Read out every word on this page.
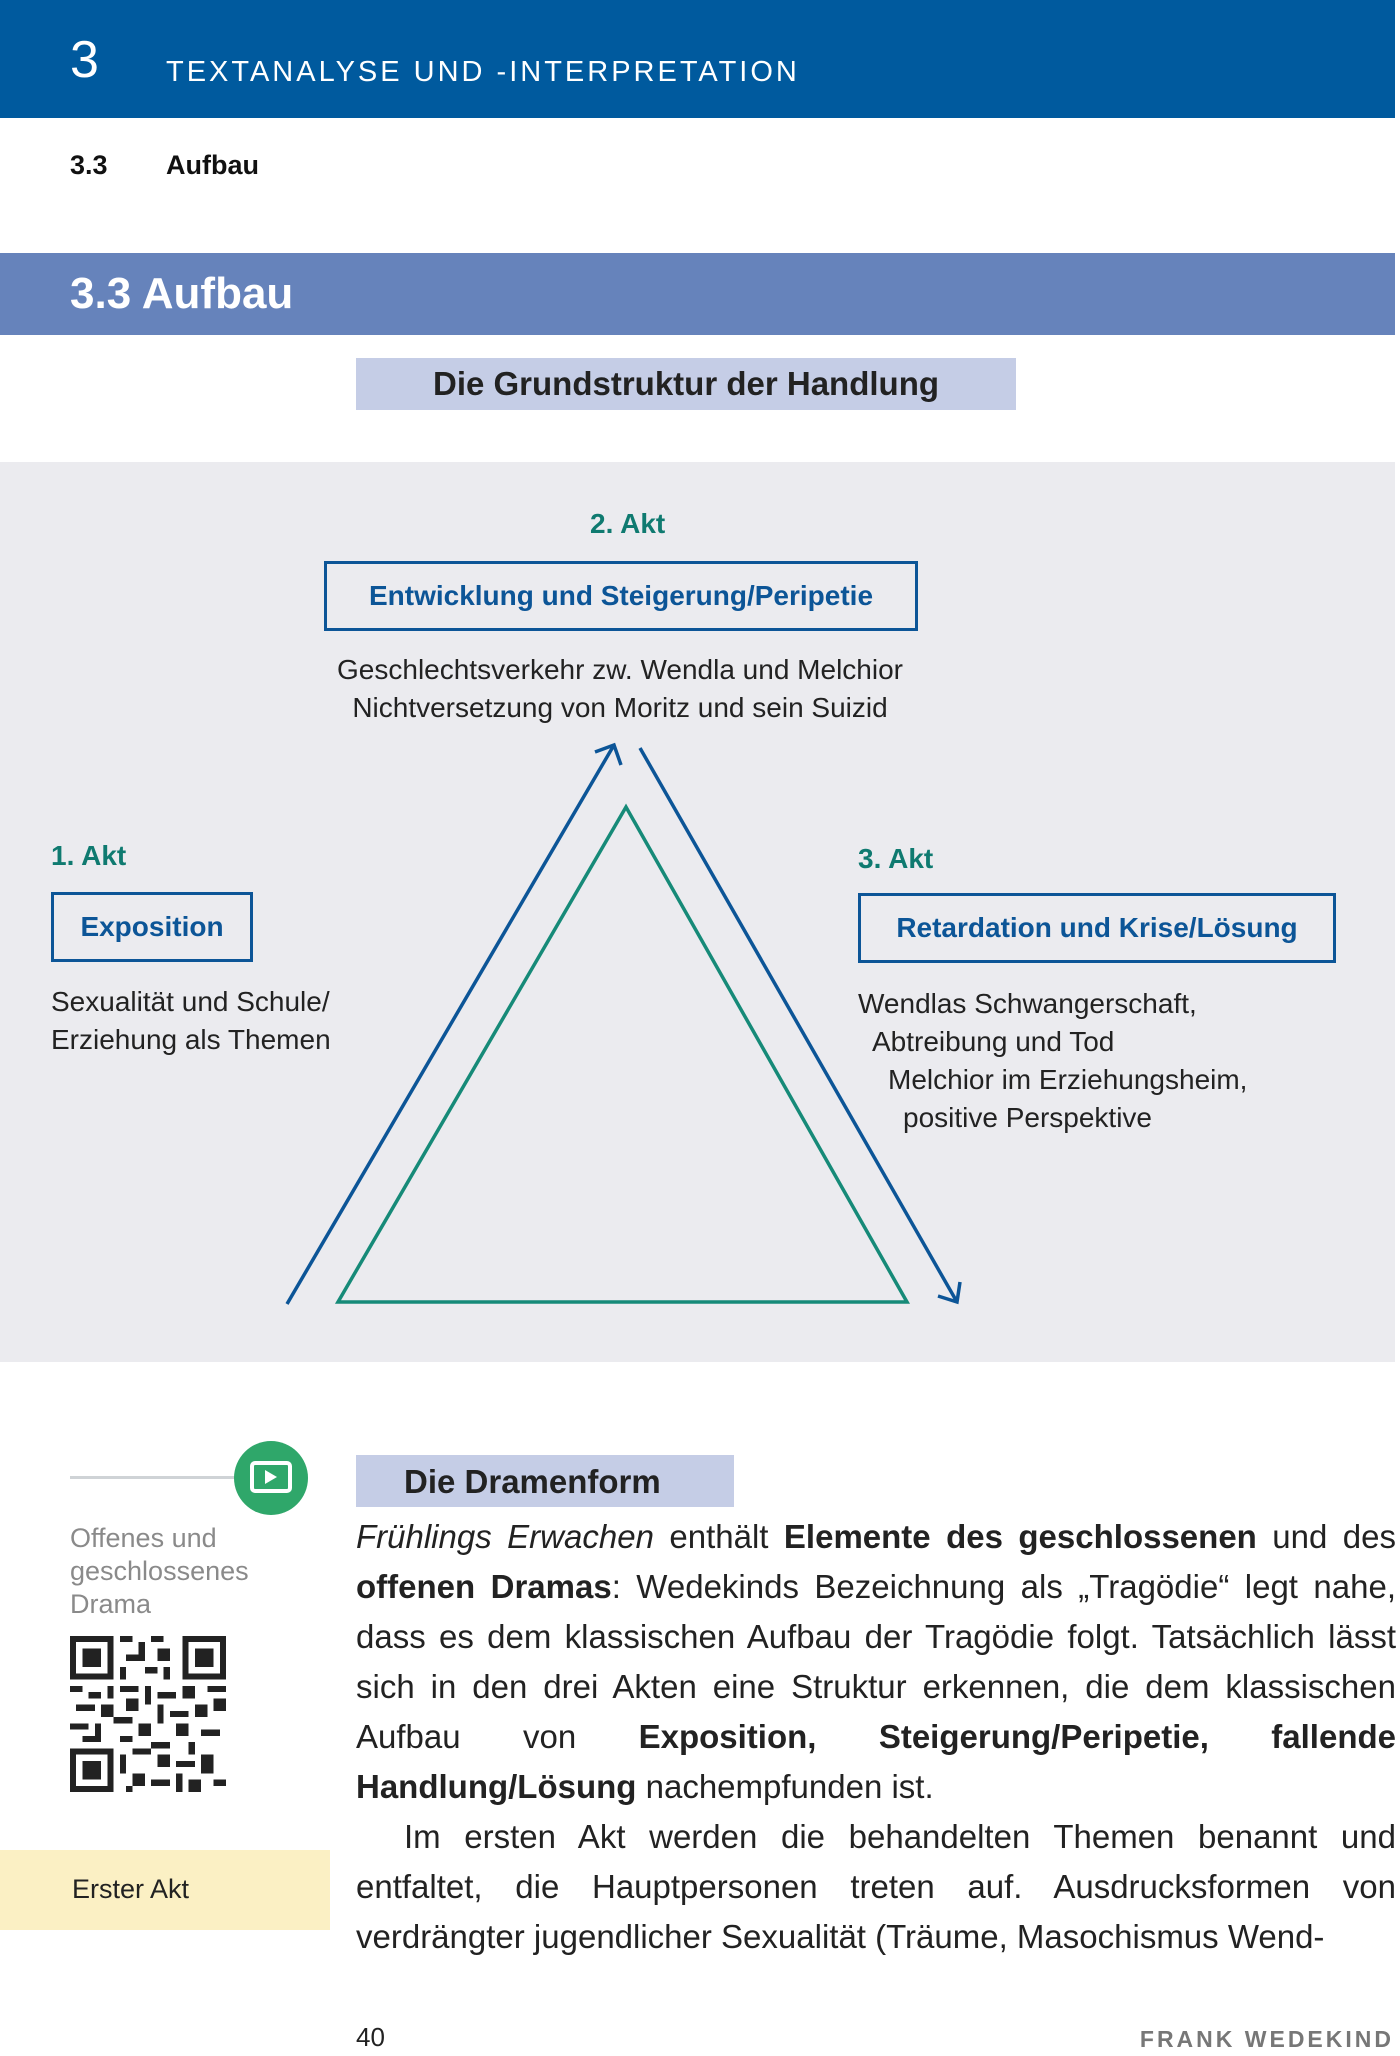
3 TEXTANALYSE UND -INTERPRETATION
3.3 Aufbau
3.3 Aufbau
Die Grundstruktur der Handlung
2. Akt
Entwicklung und Steigerung/Peripetie
Geschlechtsverkehr zw. Wendla und Melchior
Nichtversetzung von Moritz und sein Suizid
1. Akt
Exposition
Sexualität und Schule/
Erziehung als Themen
3. Akt
Retardation und Krise/Lösung
Wendlas Schwangerschaft,
Abtreibung und Tod
Melchior im Erziehungsheim,
positive Perspektive
Offenes und geschlossenes Drama
Erster Akt
Die Dramenform

Frühlings Erwachen enthält Elemente des geschlossenen und des offenen Dramas: Wedekinds Bezeichnung als „Tragödie“ legt nahe, dass es dem klassischen Aufbau der Tragödie folgt. Tatsächlich lässt sich in den drei Akten eine Struktur erkennen, die dem klassischen Aufbau von Exposition, Steigerung/Peripetie, fallende Handlung/Lösung nachempfunden ist.

Im ersten Akt werden die behandelten Themen benannt und entfaltet, die Hauptpersonen treten auf. Ausdrucksformen von verdrängter jugendlicher Sexualität (Träume, Masochismus Wend-

40	FRANK WEDEKIND
